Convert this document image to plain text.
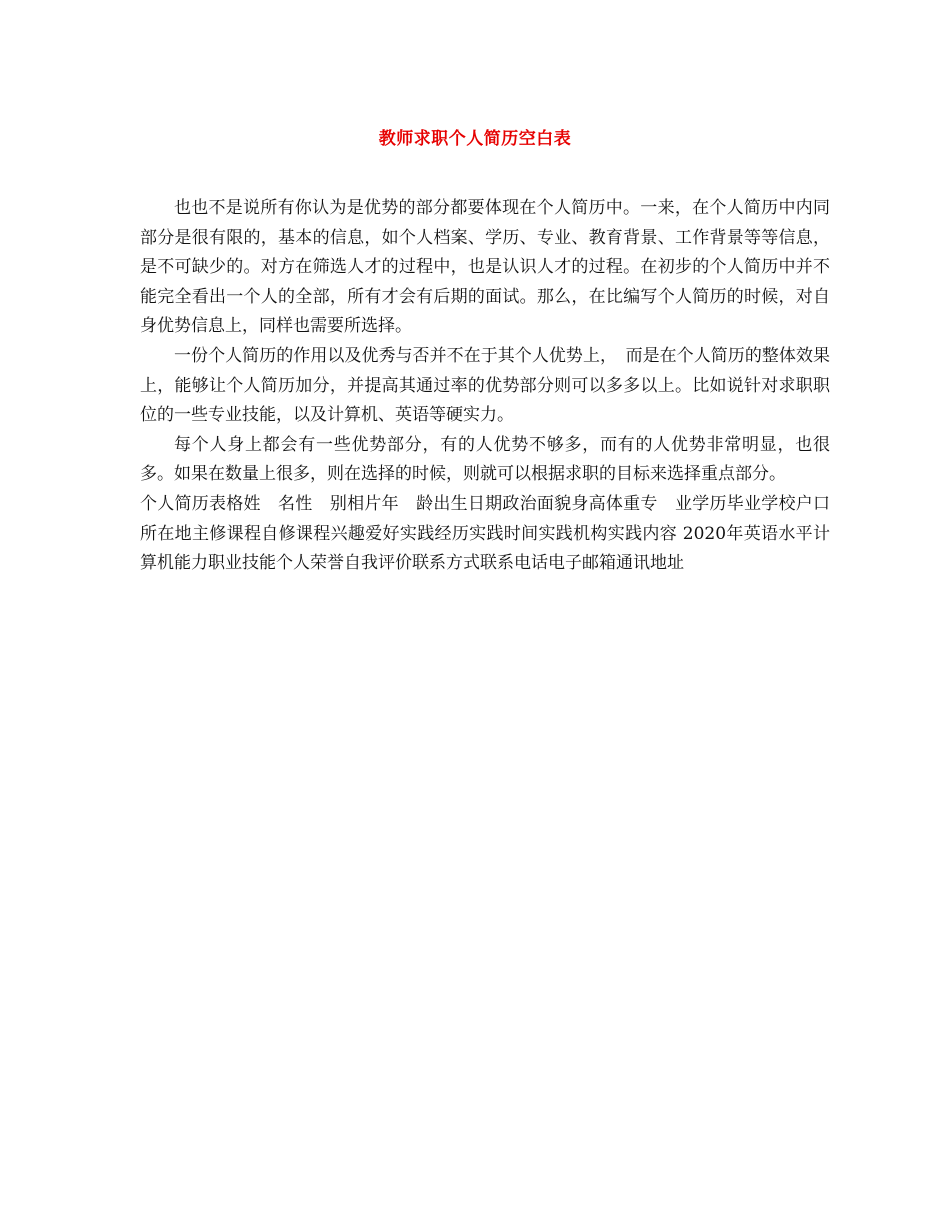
教师求职个人简历空白表

也也不是说所有你认为是优势的部分都要体现在个人简历中。一来，在个人简历中内同部分是很有限的，基本的信息，如个人档案、学历、专业、教育背景、工作背景等等信息，是不可缺少的。对方在筛选人才的过程中，也是认识人才的过程。在初步的个人简历中并不能完全看出一个人的全部，所有才会有后期的面试。那么，在比编写个人简历的时候，对自身优势信息上，同样也需要所选择。

一份个人简历的作用以及优秀与否并不在于其个人优势上，　而是在个人简历的整体效果上，能够让个人简历加分，并提高其通过率的优势部分则可以多多以上。比如说针对求职职位的一些专业技能，以及计算机、英语等硬实力。

每个人身上都会有一些优势部分，有的人优势不够多，而有的人优势非常明显，也很多。如果在数量上很多，则在选择的时候，则就可以根据求职的目标来选择重点部分。

个人简历表格姓　名性　别相片年　龄出生日期政治面貌身高体重专　业学历毕业学校户口所在地主修课程自修课程兴趣爱好实践经历实践时间实践机构实践内容 2020年英语水平计算机能力职业技能个人荣誉自我评价联系方式联系电话电子邮箱通讯地址
